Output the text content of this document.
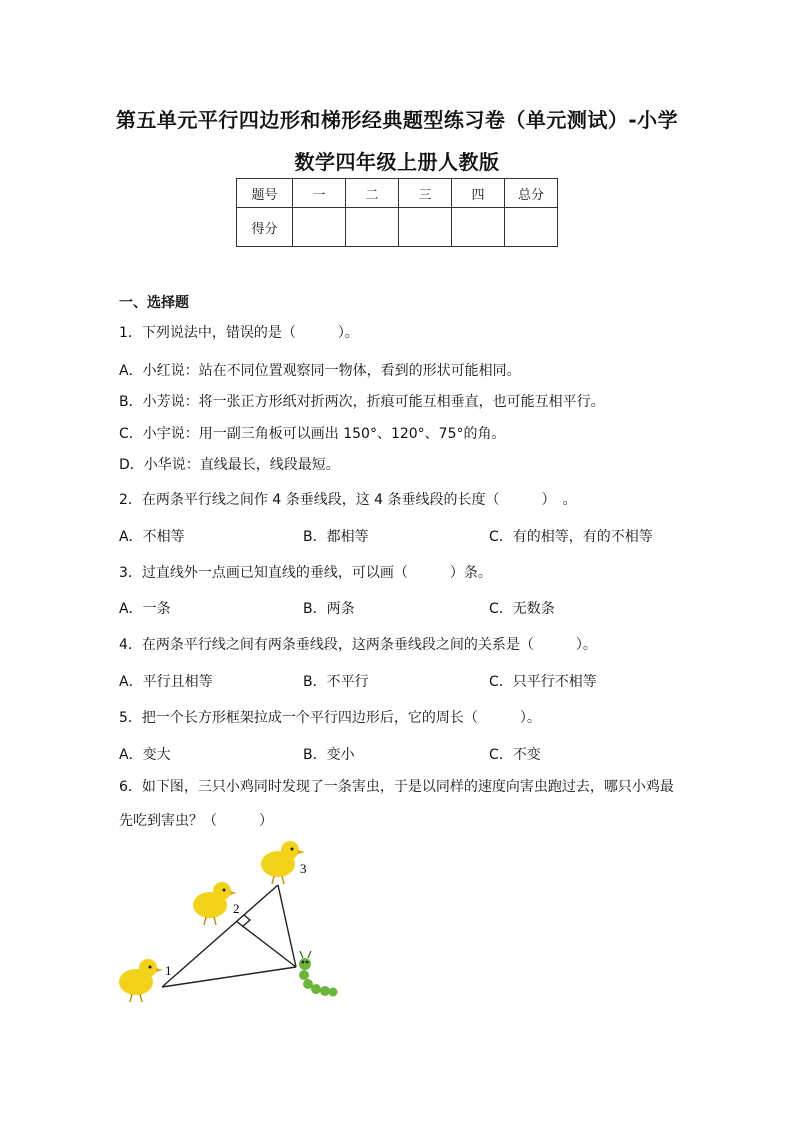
第五单元平行四边形和梯形经典题型练习卷（单元测试）-小学
数学四年级上册人教版
题号	一	二	三	四	总分
得分					
一、选择题
1．下列说法中，错误的是（　　　）。
A．小红说：站在不同位置观察同一物体，看到的形状可能相同。
B．小芳说：将一张正方形纸对折两次，折痕可能互相垂直，也可能互相平行。
C．小宇说：用一副三角板可以画出 150°、120°、75°的角。
D．小华说：直线最长，线段最短。
2．在两条平行线之间作 4 条垂线段，这 4 条垂线段的长度（　　　）　。
A．不相等	B．都相等	C．有的相等，有的不相等
3．过直线外一点画已知直线的垂线，可以画（　　　）条。
A．一条	B．两条	C．无数条
4．在两条平行线之间有两条垂线段，这两条垂线段之间的关系是（　　　）。
A．平行且相等	B．不平行	C．只平行不相等
5．把一个长方形框架拉成一个平行四边形后，它的周长（　　　）。
A．变大	B．变小	C．不变
6．如下图，三只小鸡同时发现了一条害虫，于是以同样的速度向害虫跑过去，哪只小鸡最
先吃到害虫？（　　　）
1
2
3
